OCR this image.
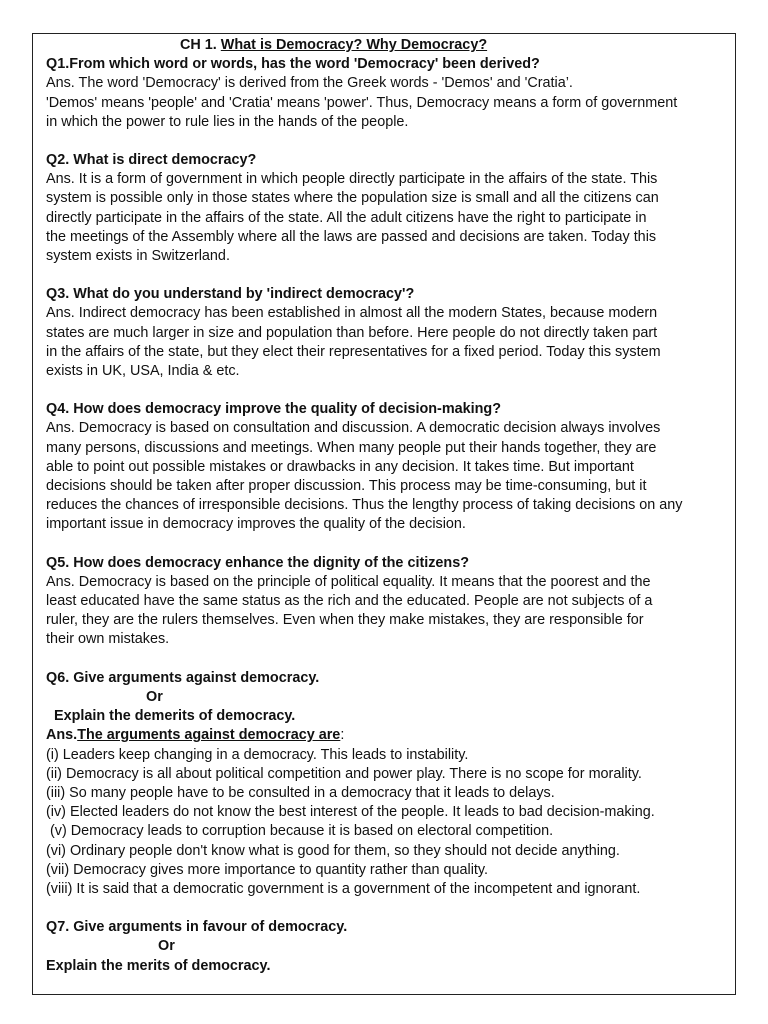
CH 1. What is Democracy? Why Democracy?

Q1.From which word or words, has the word 'Democracy' been derived?

Ans. The word 'Democracy' is derived from the Greek words - 'Demos' and 'Cratia’.

'Demos' means 'people' and 'Cratia' means 'power'. Thus, Democracy means a form of government

in which the power to rule lies in the hands of the people.

Q2. What is direct democracy?

Ans. It is a form of government in which people directly participate in the affairs of the state. This

system is possible only in those states where the population size is small and all the citizens can

directly participate in the affairs of the state. All the adult citizens have the right to participate in

the meetings of the Assembly where all the laws are passed and decisions are taken. Today this

system exists in Switzerland.

Q3. What do you understand by 'indirect democracy'?

Ans. Indirect democracy has been established in almost all the modern States, because modern

states are much larger in size and population than before. Here people do not directly taken part

in the affairs of the state, but they elect their representatives for a fixed period. Today this system

exists in UK, USA, India & etc.

Q4. How does democracy improve the quality of decision-making?

Ans. Democracy is based on consultation and discussion. A democratic decision always involves

many persons, discussions and meetings. When many people put their hands together, they are

able to point out possible mistakes or drawbacks in any decision. It takes time. But important

decisions should be taken after proper discussion. This process may be time-consuming, but it

reduces the chances of irresponsible decisions. Thus the lengthy process of taking decisions on any

important issue in democracy improves the quality of the decision.

Q5. How does democracy enhance the dignity of the citizens?

Ans. Democracy is based on the principle of political equality. It means that the poorest and the

least educated have the same status as the rich and the educated. People are not subjects of a

ruler, they are the rulers themselves. Even when they make mistakes, they are responsible for

their own mistakes.

Q6. Give arguments against democracy.

Or

Explain the demerits of democracy.

Ans.The arguments against democracy are:

(i) Leaders keep changing in a democracy. This leads to instability.

(ii) Democracy is all about political competition and power play. There is no scope for morality.

(iii) So many people have to be consulted in a democracy that it leads to delays.

(iv) Elected leaders do not know the best interest of the people. It leads to bad decision-making.

(v) Democracy leads to corruption because it is based on electoral competition.

(vi) Ordinary people don't know what is good for them, so they should not decide anything.

(vii) Democracy gives more importance to quantity rather than quality.

(viii) It is said that a democratic government is a government of the incompetent and ignorant.

Q7. Give arguments in favour of democracy.

Or

Explain the merits of democracy.
